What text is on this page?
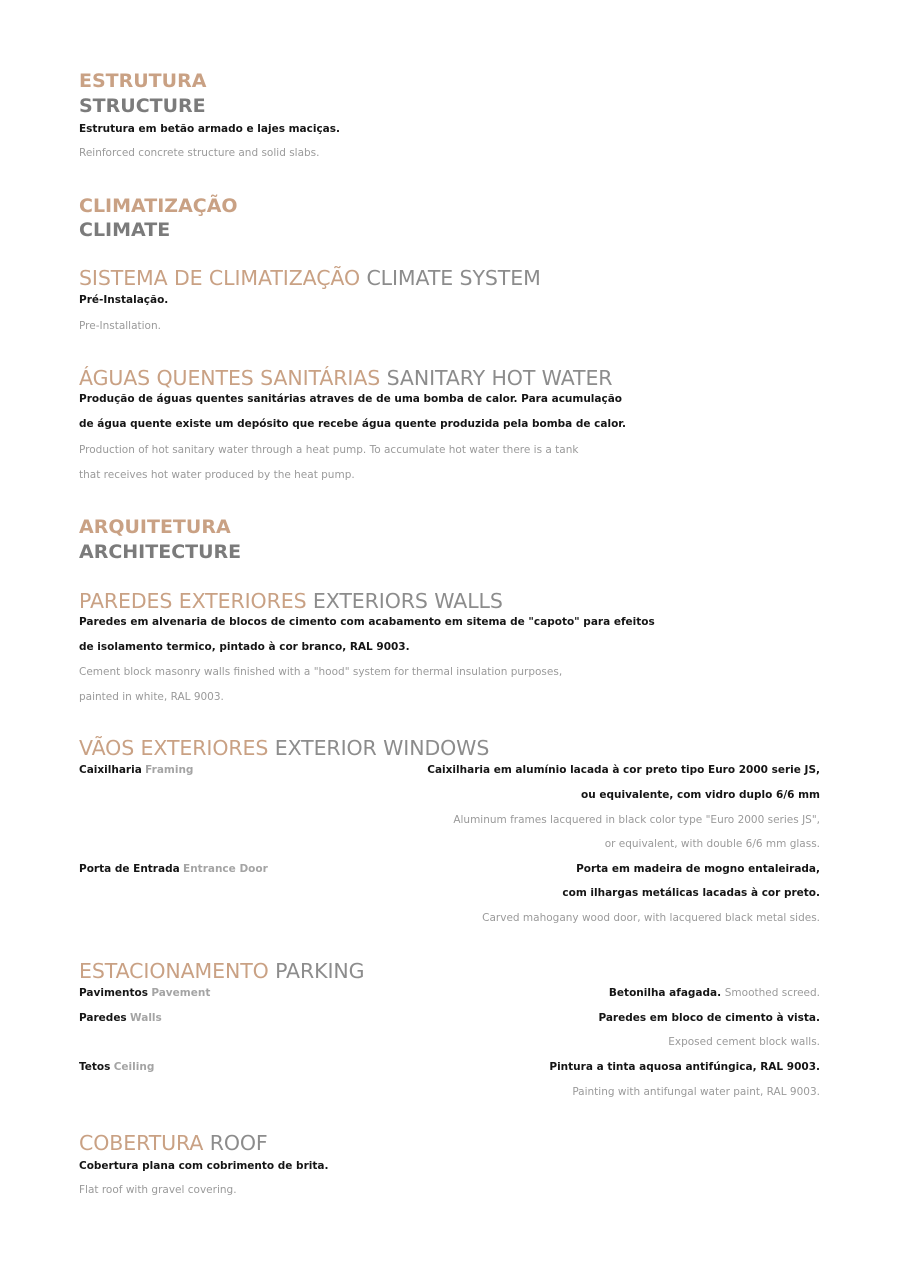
ESTRUTURA
STRUCTURE

Estrutura em betão armado e lajes maciças.

Reinforced concrete structure and solid slabs.

CLIMATIZAÇÃO
CLIMATE
SISTEMA DE CLIMATIZAÇÃO CLIMATE SYSTEM

Pré-Instalação.

Pre-Installation.

ÁGUAS QUENTES SANITÁRIAS SANITARY HOT WATER

Produção de águas quentes sanitárias atraves de de uma bomba de calor. Para acumulação

de água quente existe um depósito que recebe água quente produzida pela bomba de calor.

Production of hot sanitary water through a heat pump. To accumulate hot water there is a tank

that receives hot water produced by the heat pump.

ARQUITETURA
ARCHITECTURE
PAREDES EXTERIORES EXTERIORS WALLS

Paredes em alvenaria de blocos de cimento com acabamento em sitema de "capoto" para efeitos

de isolamento termico, pintado à cor branco, RAL 9003.

Cement block masonry walls finished with a "hood" system for thermal insulation purposes,

painted in white, RAL 9003.

VÃOS EXTERIORES EXTERIOR WINDOWS
Caixilharia Framing	Caixilharia em alumínio lacada à cor preto tipo Euro 2000 serie JS,
ou equivalente, com vidro duplo 6/6 mm
Aluminum frames lacquered in black color type "Euro 2000 series JS",
or equivalent, with double 6/6 mm glass.
Porta de Entrada Entrance Door	Porta em madeira de mogno entaleirada,
com ilhargas metálicas lacadas à cor preto.
Carved mahogany wood door, with lacquered black metal sides.
ESTACIONAMENTO PARKING
Pavimentos Pavement	Betonilha afagada. Smoothed screed.
Paredes Walls	Paredes em bloco de cimento à vista.
Exposed cement block walls.
Tetos Ceiling	Pintura a tinta aquosa antifúngica, RAL 9003.
Painting with antifungal water paint, RAL 9003.
COBERTURA ROOF

Cobertura plana com cobrimento de brita.

Flat roof with gravel covering.
